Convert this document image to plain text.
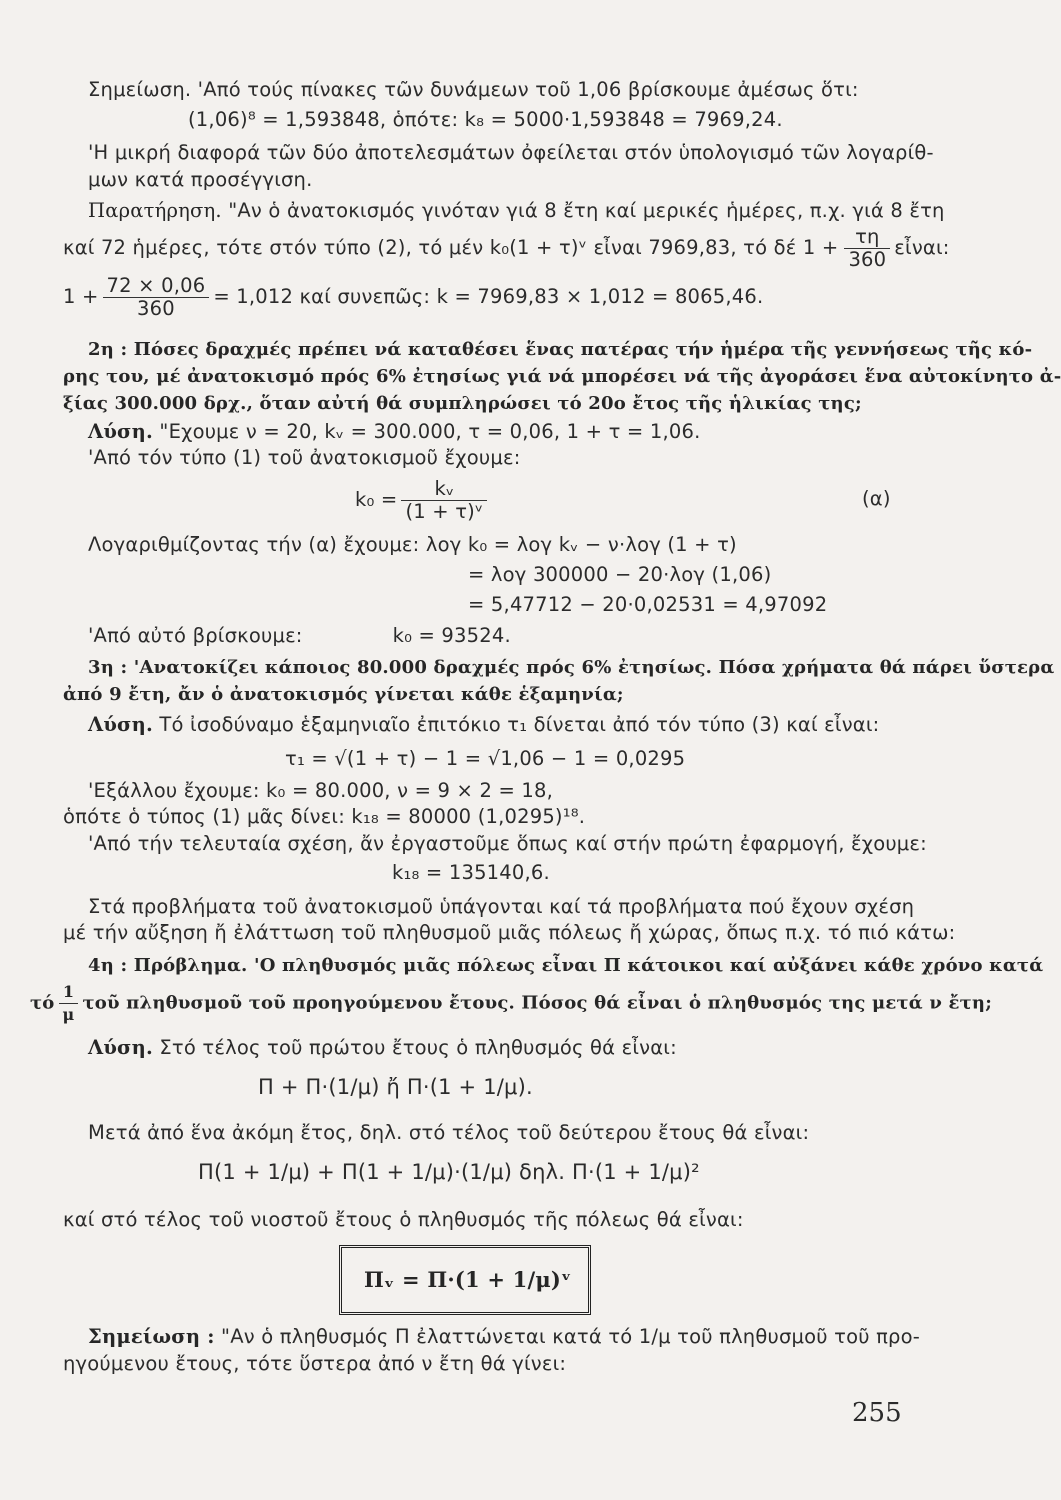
Σημείωση. 'Από τούς πίνακες τῶν δυνάμεων τοῦ 1,06 βρίσκουμε ἀμέσως ὅτι:
(1,06)⁸ = 1,593848, ὁπότε: k₈ = 5000·1,593848 = 7969,24.
'Η μικρή διαφορά τῶν δύο ἀποτελεσμάτων ὀφείλεται στόν ὑπολογισμό τῶν λογαρίθ-
μων κατά προσέγγιση.
Παρατήρηση. "Αν ὁ ἀνατοκισμός γινόταν γιά 8 ἔτη καί μερικές ἡμέρες, π.χ. γιά 8 ἔτη
καί 72 ἡμέρες, τότε στόν τύπο (2), τό μέν k₀(1 + τ)ᵛ εἶναι 7969,83, τό δέ $1 + \frac{\tau\eta}{360}$ εἶναι:
$1 + \frac{72 \times 0,06}{360} = 1,012$ καί συνεπῶς: k = 7969,83 × 1,012 = 8065,46.
2η : Πόσες δραχμές πρέπει νά καταθέσει ἕνας πατέρας τήν ἡμέρα τῆς γεννήσεως τῆς κό-
ρης του, μέ ἀνατοκισμό πρός 6% ἐτησίως γιά νά μπορέσει νά τῆς ἀγοράσει ἕνα αὐτοκίνητο ἀ-
ξίας 300.000 δρχ., ὅταν αὐτή θά συμπληρώσει τό 20ο ἔτος τῆς ἡλικίας της;
Λύση. "Εχουμε ν = 20, kᵥ = 300.000, τ = 0,06, 1 + τ = 1,06.
'Από τόν τύπο (1) τοῦ ἀνατοκισμοῦ ἔχουμε:
$k_0 = \frac{\text{kᵥ}}{\text{(1 + τ)ᵛ}}$	(α)
Λογαριθμίζοντας τήν (α) ἔχουμε: λογ k₀ = λογ kᵥ − ν·λογ (1 + τ)
= λογ 300000 − 20·λογ (1,06)
= 5,47712 − 20·0,02531 = 4,97092
'Από αὐτό βρίσκουμε:	k₀ = 93524.
3η : 'Ανατοκίζει κάποιος 80.000 δραχμές πρός 6% ἐτησίως. Πόσα χρήματα θά πάρει ὕστερα
ἀπό 9 ἔτη, ἄν ὁ ἀνατοκισμός γίνεται κάθε ἑξαμηνία;
Λύση. Τό ἰσοδύναμο ἑξαμηνιαῖο ἐπιτόκιο τ₁ δίνεται ἀπό τόν τύπο (3) καί εἶναι:
τ₁ = √(1 + τ) − 1 = √1,06 − 1 = 0,0295
'Εξάλλου ἔχουμε: k₀ = 80.000, ν = 9 × 2 = 18,
ὁπότε ὁ τύπος (1) μᾶς δίνει: k₁₈ = 80000 (1,0295)¹⁸.
'Από τήν τελευταία σχέση, ἄν ἐργαστοῦμε ὅπως καί στήν πρώτη ἐφαρμογή, ἔχουμε:
k₁₈ = 135140,6.
Στά προβλήματα τοῦ ἀνατοκισμοῦ ὑπάγονται καί τά προβλήματα πού ἔχουν σχέση
μέ τήν αὔξηση ἤ ἐλάττωση τοῦ πληθυσμοῦ μιᾶς πόλεως ἤ χώρας, ὅπως π.χ. τό πιό κάτω:
4η : Πρόβλημα. 'Ο πληθυσμός μιᾶς πόλεως εἶναι Π κάτοικοι καί αὐξάνει κάθε χρόνο κατά
τό $\frac{1}{\mu}$ τοῦ πληθυσμοῦ τοῦ προηγούμενου ἔτους. Πόσος θά εἶναι ὁ πληθυσμός της μετά ν ἔτη;
Λύση. Στό τέλος τοῦ πρώτου ἔτους ὁ πληθυσμός θά εἶναι:
Π + Π·(1/μ) ἤ Π·(1 + 1/μ).
Μετά ἀπό ἕνα ἀκόμη ἔτος, δηλ. στό τέλος τοῦ δεύτερου ἔτους θά εἶναι:
Π(1 + 1/μ) + Π(1 + 1/μ)·(1/μ) δηλ. Π·(1 + 1/μ)²
καί στό τέλος τοῦ νιοστοῦ ἔτους ὁ πληθυσμός τῆς πόλεως θά εἶναι:
Πᵥ = Π·(1 + 1/μ)ᵛ
Σημείωση : "Αν ὁ πληθυσμός Π ἐλαττώνεται κατά τό 1/μ τοῦ πληθυσμοῦ τοῦ προ-
ηγούμενου ἔτους, τότε ὕστερα ἀπό ν ἔτη θά γίνει:
255
